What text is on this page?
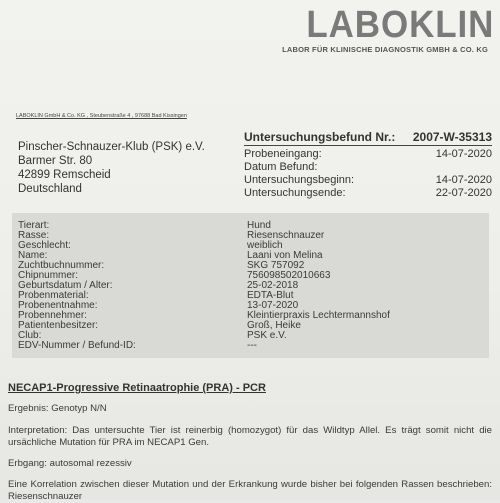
LABOKLIN
LABOR FÜR KLINISCHE DIAGNOSTIK GMBH & CO. KG
LABOKLIN GmbH & Co. KG , Steubenstraße 4 , 97688 Bad Kissingen
Pinscher-Schnauzer-Klub (PSK) e.V.
Barmer Str. 80
42899 Remscheid
Deutschland
Untersuchungsbefund Nr.: 2007-W-35313
Probeneingang:	14-07-2020
Datum Befund:
Untersuchungsbeginn:	14-07-2020
Untersuchungsende:	22-07-2020
Tierart:	Hund
Rasse:	Riesenschnauzer
Geschlecht:	weiblich
Name:	Laani von Melina
Zuchtbuchnummer:	SKG 757092
Chipnummer:	756098502010663
Geburtsdatum / Alter:	25-02-2018
Probenmaterial:	EDTA-Blut
Probenentnahme:	13-07-2020
Probennehmer:	Kleintierpraxis Lechtermannshof
Patientenbesitzer:	Groß, Heike
Club:	PSK e.V.
EDV-Nummer / Befund-ID:	---
NECAP1-Progressive Retinaatrophie (PRA) - PCR
Ergebnis: Genotyp N/N
Interpretation: Das untersuchte Tier ist reinerbig (homozygot) für das Wildtyp Allel. Es trägt somit nicht die ursächliche Mutation für PRA im NECAP1 Gen.
Erbgang: autosomal rezessiv
Eine Korrelation zwischen dieser Mutation und der Erkrankung wurde bisher bei folgenden Rassen beschrieben: Riesenschnauzer
